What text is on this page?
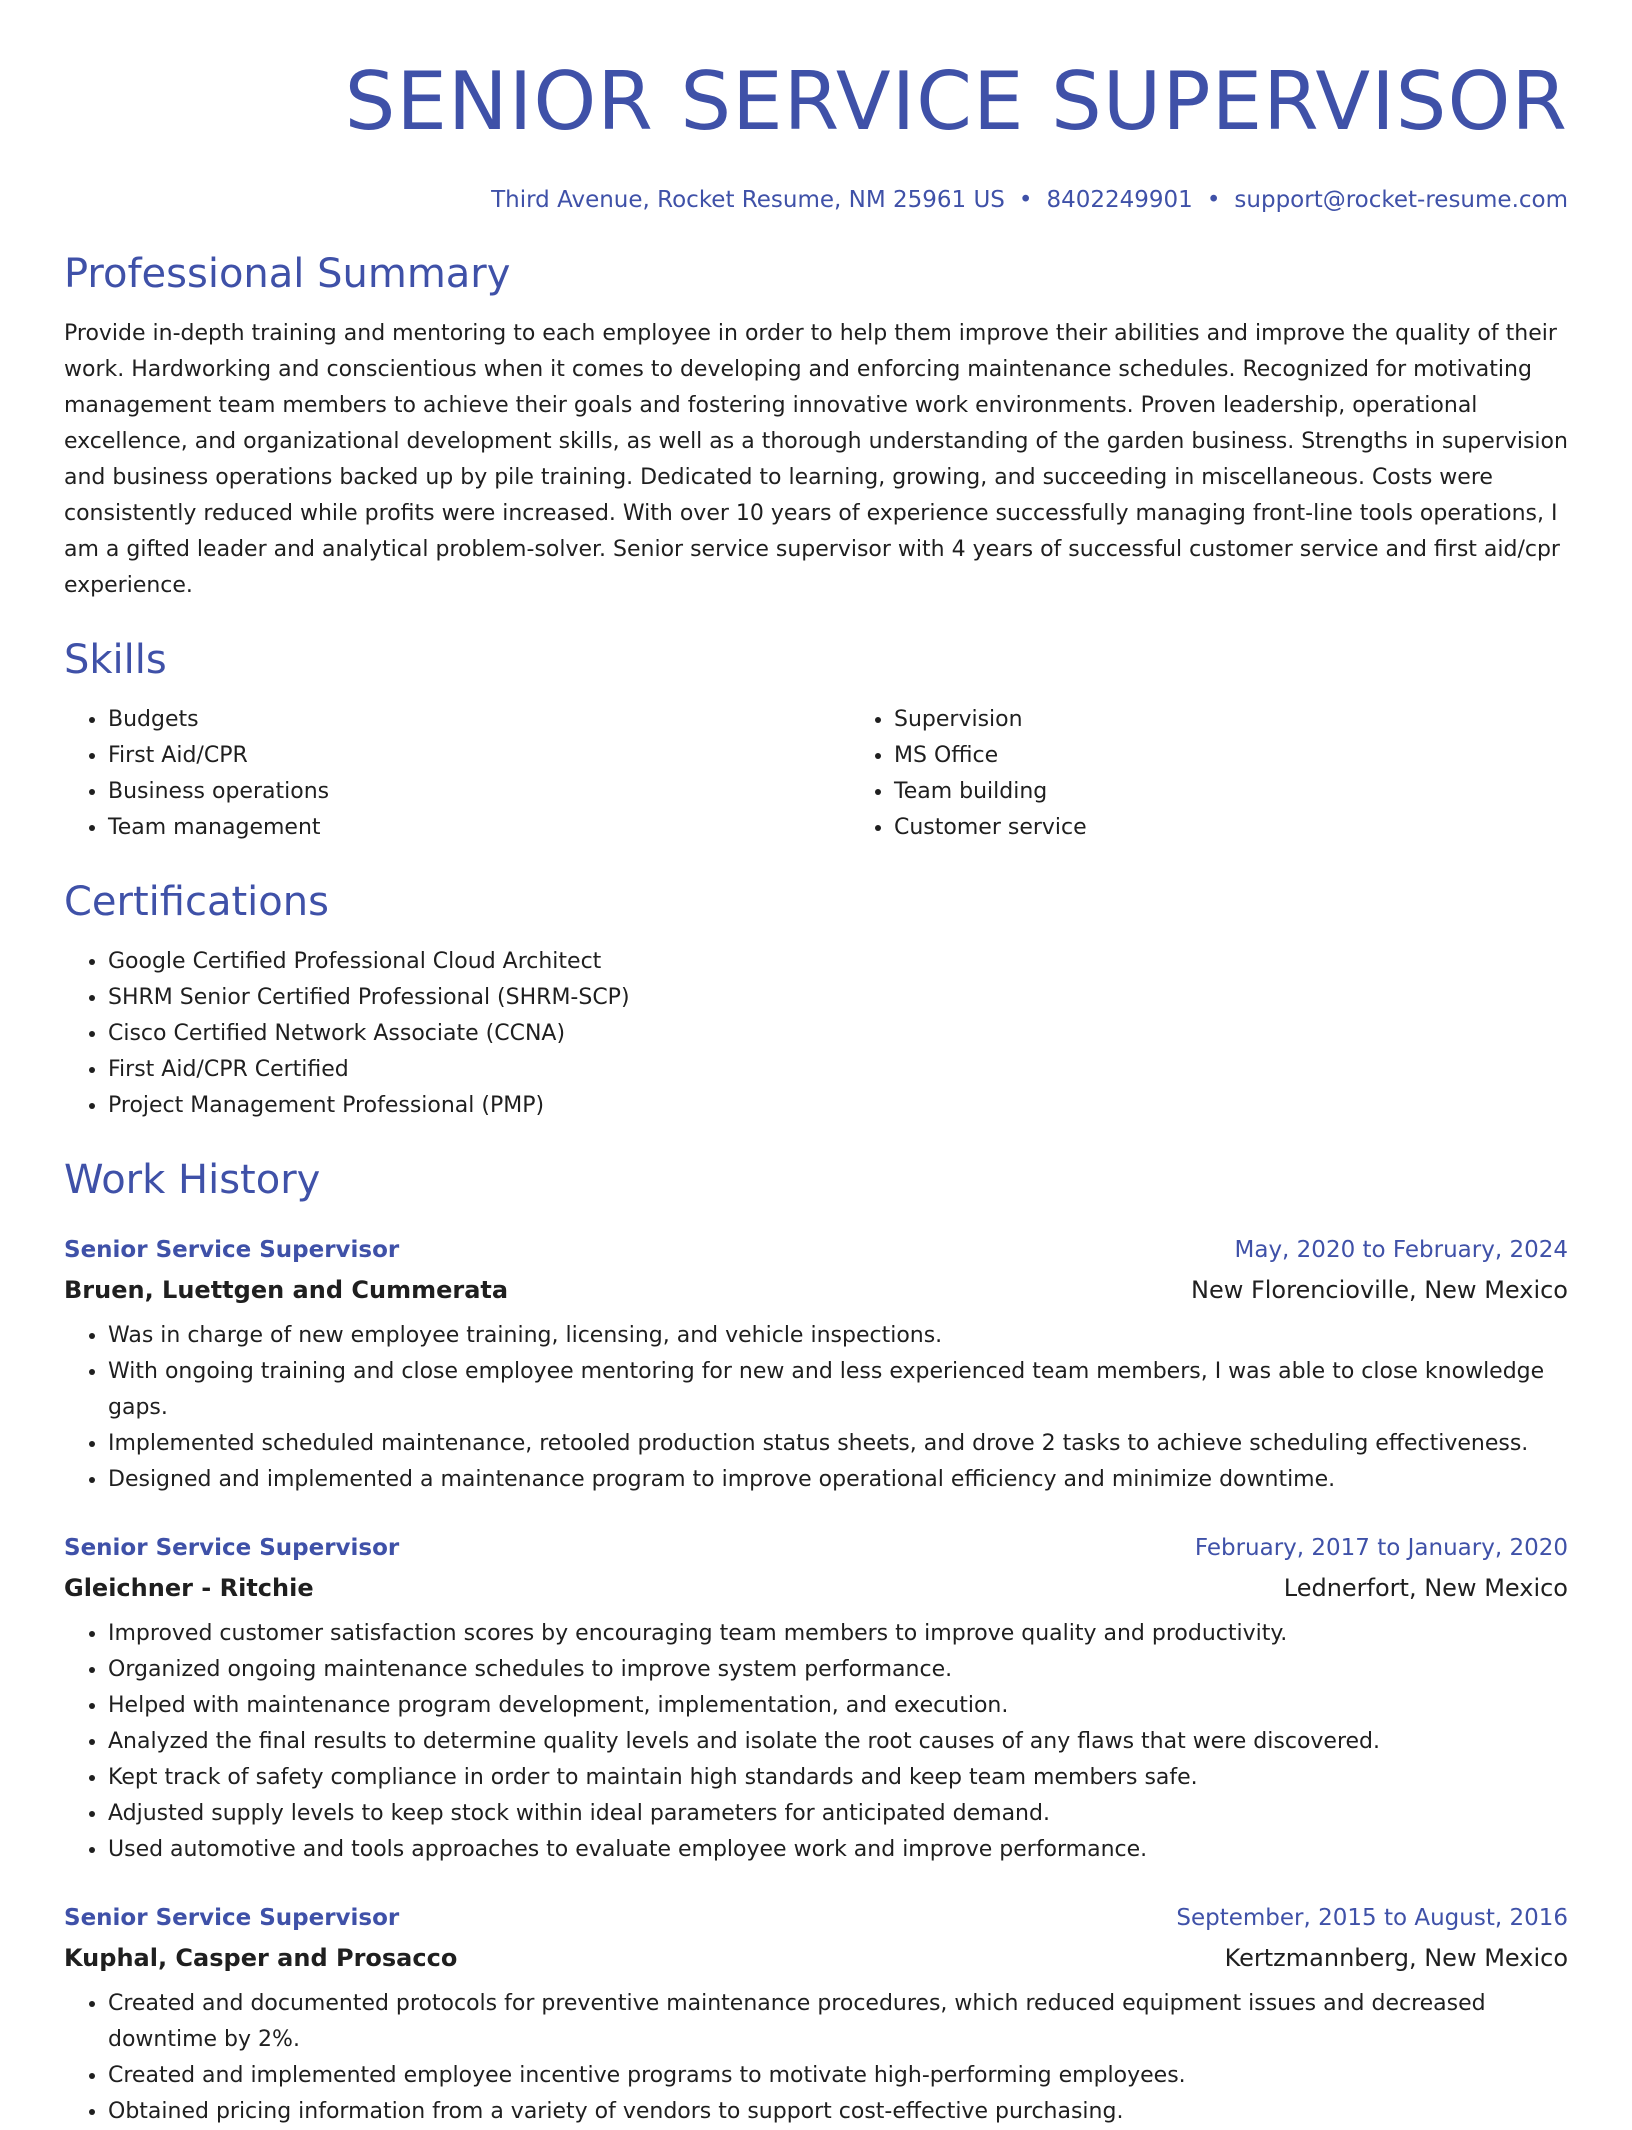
SENIOR SERVICE SUPERVISOR
Third Avenue, Rocket Resume, NM 25961 US • 8402249901 • support@rocket-resume.com
Professional Summary

Provide in-depth training and mentoring to each employee in order to help them improve their abilities and improve the quality of their work. Hardworking and conscientious when it comes to developing and enforcing maintenance schedules. Recognized for motivating management team members to achieve their goals and fostering innovative work environments. Proven leadership, operational excellence, and organizational development skills, as well as a thorough understanding of the garden business. Strengths in supervision and business operations backed up by pile training. Dedicated to learning, growing, and succeeding in miscellaneous. Costs were consistently reduced while profits were increased. With over 10 years of experience successfully managing front-line tools operations, I am a gifted leader and analytical problem-solver. Senior service supervisor with 4 years of successful customer service and first aid/cpr experience.

Skills
• Budgets
• First Aid/CPR
• Business operations
• Team management
• Supervision
• MS Office
• Team building
• Customer service
Certifications
• Google Certified Professional Cloud Architect
• SHRM Senior Certified Professional (SHRM-SCP)
• Cisco Certified Network Associate (CCNA)
• First Aid/CPR Certified
• Project Management Professional (PMP)
Work History
Senior Service Supervisor	May, 2020 to February, 2024
Bruen, Luettgen and Cummerata	New Florencioville, New Mexico
• Was in charge of new employee training, licensing, and vehicle inspections.
• With ongoing training and close employee mentoring for new and less experienced team members, I was able to close knowledge gaps.
• Implemented scheduled maintenance, retooled production status sheets, and drove 2 tasks to achieve scheduling effectiveness.
• Designed and implemented a maintenance program to improve operational efficiency and minimize downtime.
Senior Service Supervisor	February, 2017 to January, 2020
Gleichner - Ritchie	Lednerfort, New Mexico
• Improved customer satisfaction scores by encouraging team members to improve quality and productivity.
• Organized ongoing maintenance schedules to improve system performance.
• Helped with maintenance program development, implementation, and execution.
• Analyzed the final results to determine quality levels and isolate the root causes of any flaws that were discovered.
• Kept track of safety compliance in order to maintain high standards and keep team members safe.
• Adjusted supply levels to keep stock within ideal parameters for anticipated demand.
• Used automotive and tools approaches to evaluate employee work and improve performance.
Senior Service Supervisor	September, 2015 to August, 2016
Kuphal, Casper and Prosacco	Kertzmannberg, New Mexico
• Created and documented protocols for preventive maintenance procedures, which reduced equipment issues and decreased downtime by 2%.
• Created and implemented employee incentive programs to motivate high-performing employees.
• Obtained pricing information from a variety of vendors to support cost-effective purchasing.
